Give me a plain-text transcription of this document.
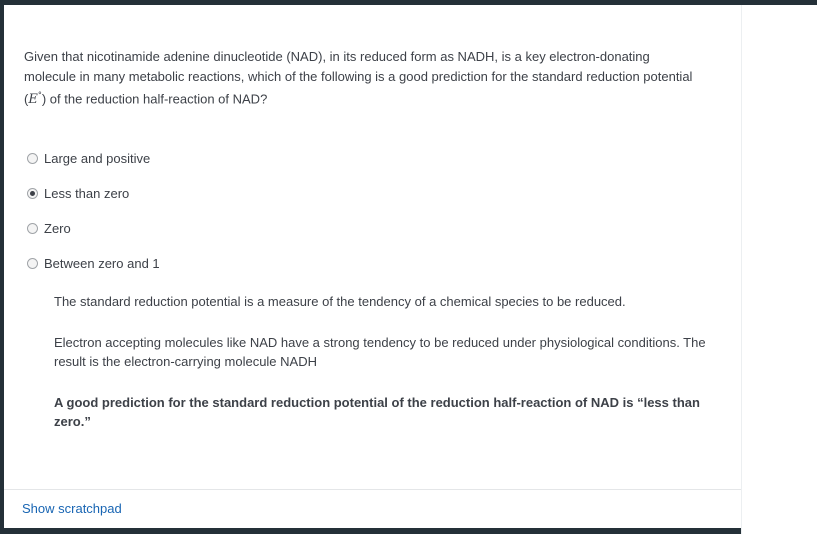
Given that nicotinamide adenine dinucleotide (NAD), in its reduced form as NADH, is a key electron-donating molecule in many metabolic reactions, which of the following is a good prediction for the standard reduction potential (E°) of the reduction half-reaction of NAD?
Large and positive
Less than zero
Zero
Between zero and 1

The standard reduction potential is a measure of the tendency of a chemical species to be reduced.

Electron accepting molecules like NAD have a strong tendency to be reduced under physiological conditions. The result is the electron-carrying molecule NADH

A good prediction for the standard reduction potential of the reduction half-reaction of NAD is “less than zero.”

Show scratchpad
